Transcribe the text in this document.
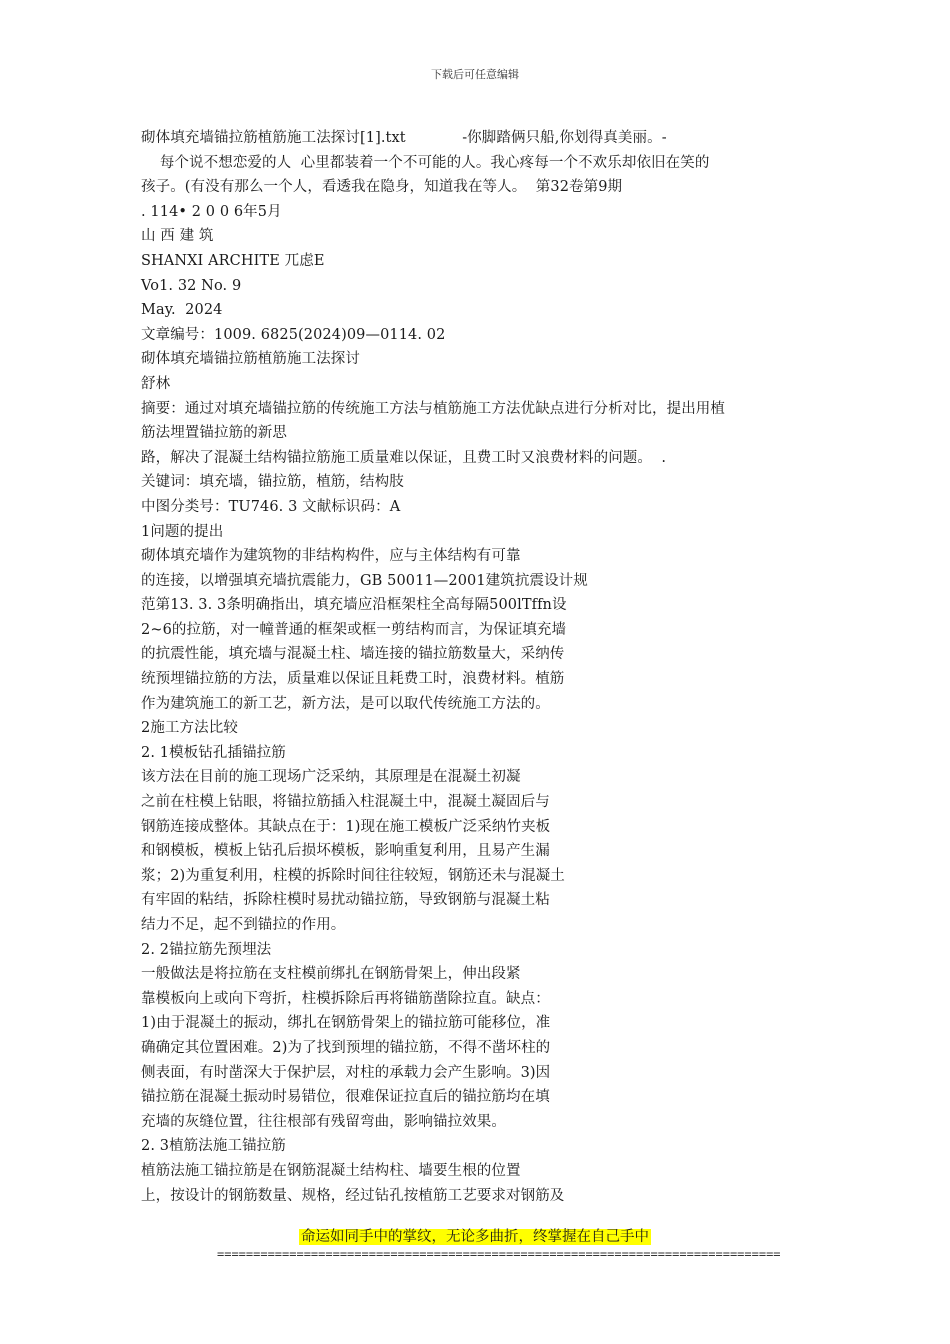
下载后可任意编辑
砌体填充墙锚拉筋植筋施工法探讨[1].txt            -你脚踏俩只船,你划得真美丽。-
每个说不想恋爱的人  心里都装着一个不可能的人。我心疼每一个不欢乐却依旧在笑的
孩子。(有没有那么一个人，看透我在隐身，知道我在等人。  第32卷第9期
. 114• 2 0 0 6年5月
山 西 建 筑
SHANXI ARCHITE 兀虑E
Vo1. 32 No. 9
May.  2024
文章编号：1009. 6825(2024)09—0114. 02
砌体填充墙锚拉筋植筋施工法探讨
舒林
摘要：通过对填充墙锚拉筋的传统施工方法与植筋施工方法优缺点进行分析对比，提出用植
筋法埋置锚拉筋的新思
路，解决了混凝土结构锚拉筋施工质量难以保证，且费工时又浪费材料的问题。  .
关键词：填充墙，锚拉筋，植筋，结构肢
中图分类号：TU746. 3 文献标识码：A
1问题的提出
砌体填充墙作为建筑物的非结构构件，应与主体结构有可靠
的连接，以增强填充墙抗震能力，GB 50011—2001建筑抗震设计规
范第13. 3. 3条明确指出，填充墙应沿框架柱全高每隔500lTffn设
2~6的拉筋，对一幢普通的框架或框一剪结构而言，为保证填充墙
的抗震性能，填充墙与混凝土柱、墙连接的锚拉筋数量大，采纳传
统预埋锚拉筋的方法，质量难以保证且耗费工时，浪费材料。植筋
作为建筑施工的新工艺，新方法，是可以取代传统施工方法的。
2施工方法比较
2. 1模板钻孔插锚拉筋
该方法在目前的施工现场广泛采纳，其原理是在混凝土初凝
之前在柱模上钻眼，将锚拉筋插入柱混凝土中，混凝土凝固后与
钢筋连接成整体。其缺点在于：1)现在施工模板广泛采纳竹夹板
和钢模板，模板上钻孔后损坏模板，影响重复利用，且易产生漏
浆；2)为重复利用，柱模的拆除时间往往较短，钢筋还未与混凝土
有牢固的粘结，拆除柱模时易扰动锚拉筋，导致钢筋与混凝土粘
结力不足，起不到锚拉的作用。
2. 2锚拉筋先预埋法
一般做法是将拉筋在支柱模前绑扎在钢筋骨架上，伸出段紧
靠模板向上或向下弯折，柱模拆除后再将锚筋凿除拉直。缺点：
1)由于混凝土的振动，绑扎在钢筋骨架上的锚拉筋可能移位，准
确确定其位置困难。2)为了找到预埋的锚拉筋，不得不凿坏柱的
侧表面，有时凿深大于保护层，对柱的承载力会产生影响。3)因
锚拉筋在混凝土振动时易错位，很难保证拉直后的锚拉筋均在填
充墙的灰缝位置，往往根部有残留弯曲，影响锚拉效果。
2. 3植筋法施工锚拉筋
植筋法施工锚拉筋是在钢筋混凝土结构柱、墙要生根的位置
上，按设计的钢筋数量、规格，经过钻孔按植筋工艺要求对钢筋及
命运如同手中的掌纹，无论多曲折，终掌握在自己手中
==============================================================================
